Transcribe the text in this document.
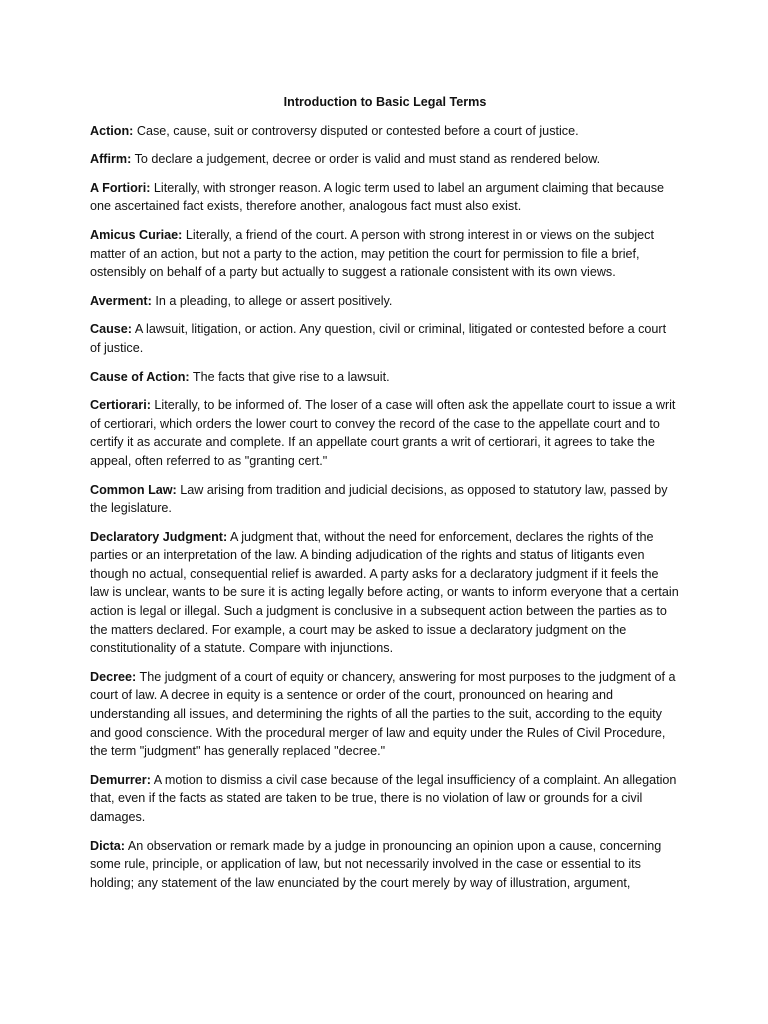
Introduction to Basic Legal Terms
Action: Case, cause, suit or controversy disputed or contested before a court of justice.
Affirm: To declare a judgement, decree or order is valid and must stand as rendered below.
A Fortiori: Literally, with stronger reason. A logic term used to label an argument claiming that because one ascertained fact exists, therefore another, analogous fact must also exist.
Amicus Curiae: Literally, a friend of the court. A person with strong interest in or views on the subject matter of an action, but not a party to the action, may petition the court for permission to file a brief, ostensibly on behalf of a party but actually to suggest a rationale consistent with its own views.
Averment: In a pleading, to allege or assert positively.
Cause: A lawsuit, litigation, or action. Any question, civil or criminal, litigated or contested before a court of justice.
Cause of Action: The facts that give rise to a lawsuit.
Certiorari: Literally, to be informed of. The loser of a case will often ask the appellate court to issue a writ of certiorari, which orders the lower court to convey the record of the case to the appellate court and to certify it as accurate and complete. If an appellate court grants a writ of certiorari, it agrees to take the appeal, often referred to as "granting cert."
Common Law: Law arising from tradition and judicial decisions, as opposed to statutory law, passed by the legislature.
Declaratory Judgment: A judgment that, without the need for enforcement, declares the rights of the parties or an interpretation of the law. A binding adjudication of the rights and status of litigants even though no actual, consequential relief is awarded. A party asks for a declaratory judgment if it feels the law is unclear, wants to be sure it is acting legally before acting, or wants to inform everyone that a certain action is legal or illegal. Such a judgment is conclusive in a subsequent action between the parties as to the matters declared. For example, a court may be asked to issue a declaratory judgment on the constitutionality of a statute. Compare with injunctions.
Decree: The judgment of a court of equity or chancery, answering for most purposes to the judgment of a court of law. A decree in equity is a sentence or order of the court, pronounced on hearing and understanding all issues, and determining the rights of all the parties to the suit, according to the equity and good conscience. With the procedural merger of law and equity under the Rules of Civil Procedure, the term "judgment" has generally replaced "decree."
Demurrer: A motion to dismiss a civil case because of the legal insufficiency of a complaint. An allegation that, even if the facts as stated are taken to be true, there is no violation of law or grounds for a civil damages.
Dicta: An observation or remark made by a judge in pronouncing an opinion upon a cause, concerning some rule, principle, or application of law, but not necessarily involved in the case or essential to its holding; any statement of the law enunciated by the court merely by way of illustration, argument,
